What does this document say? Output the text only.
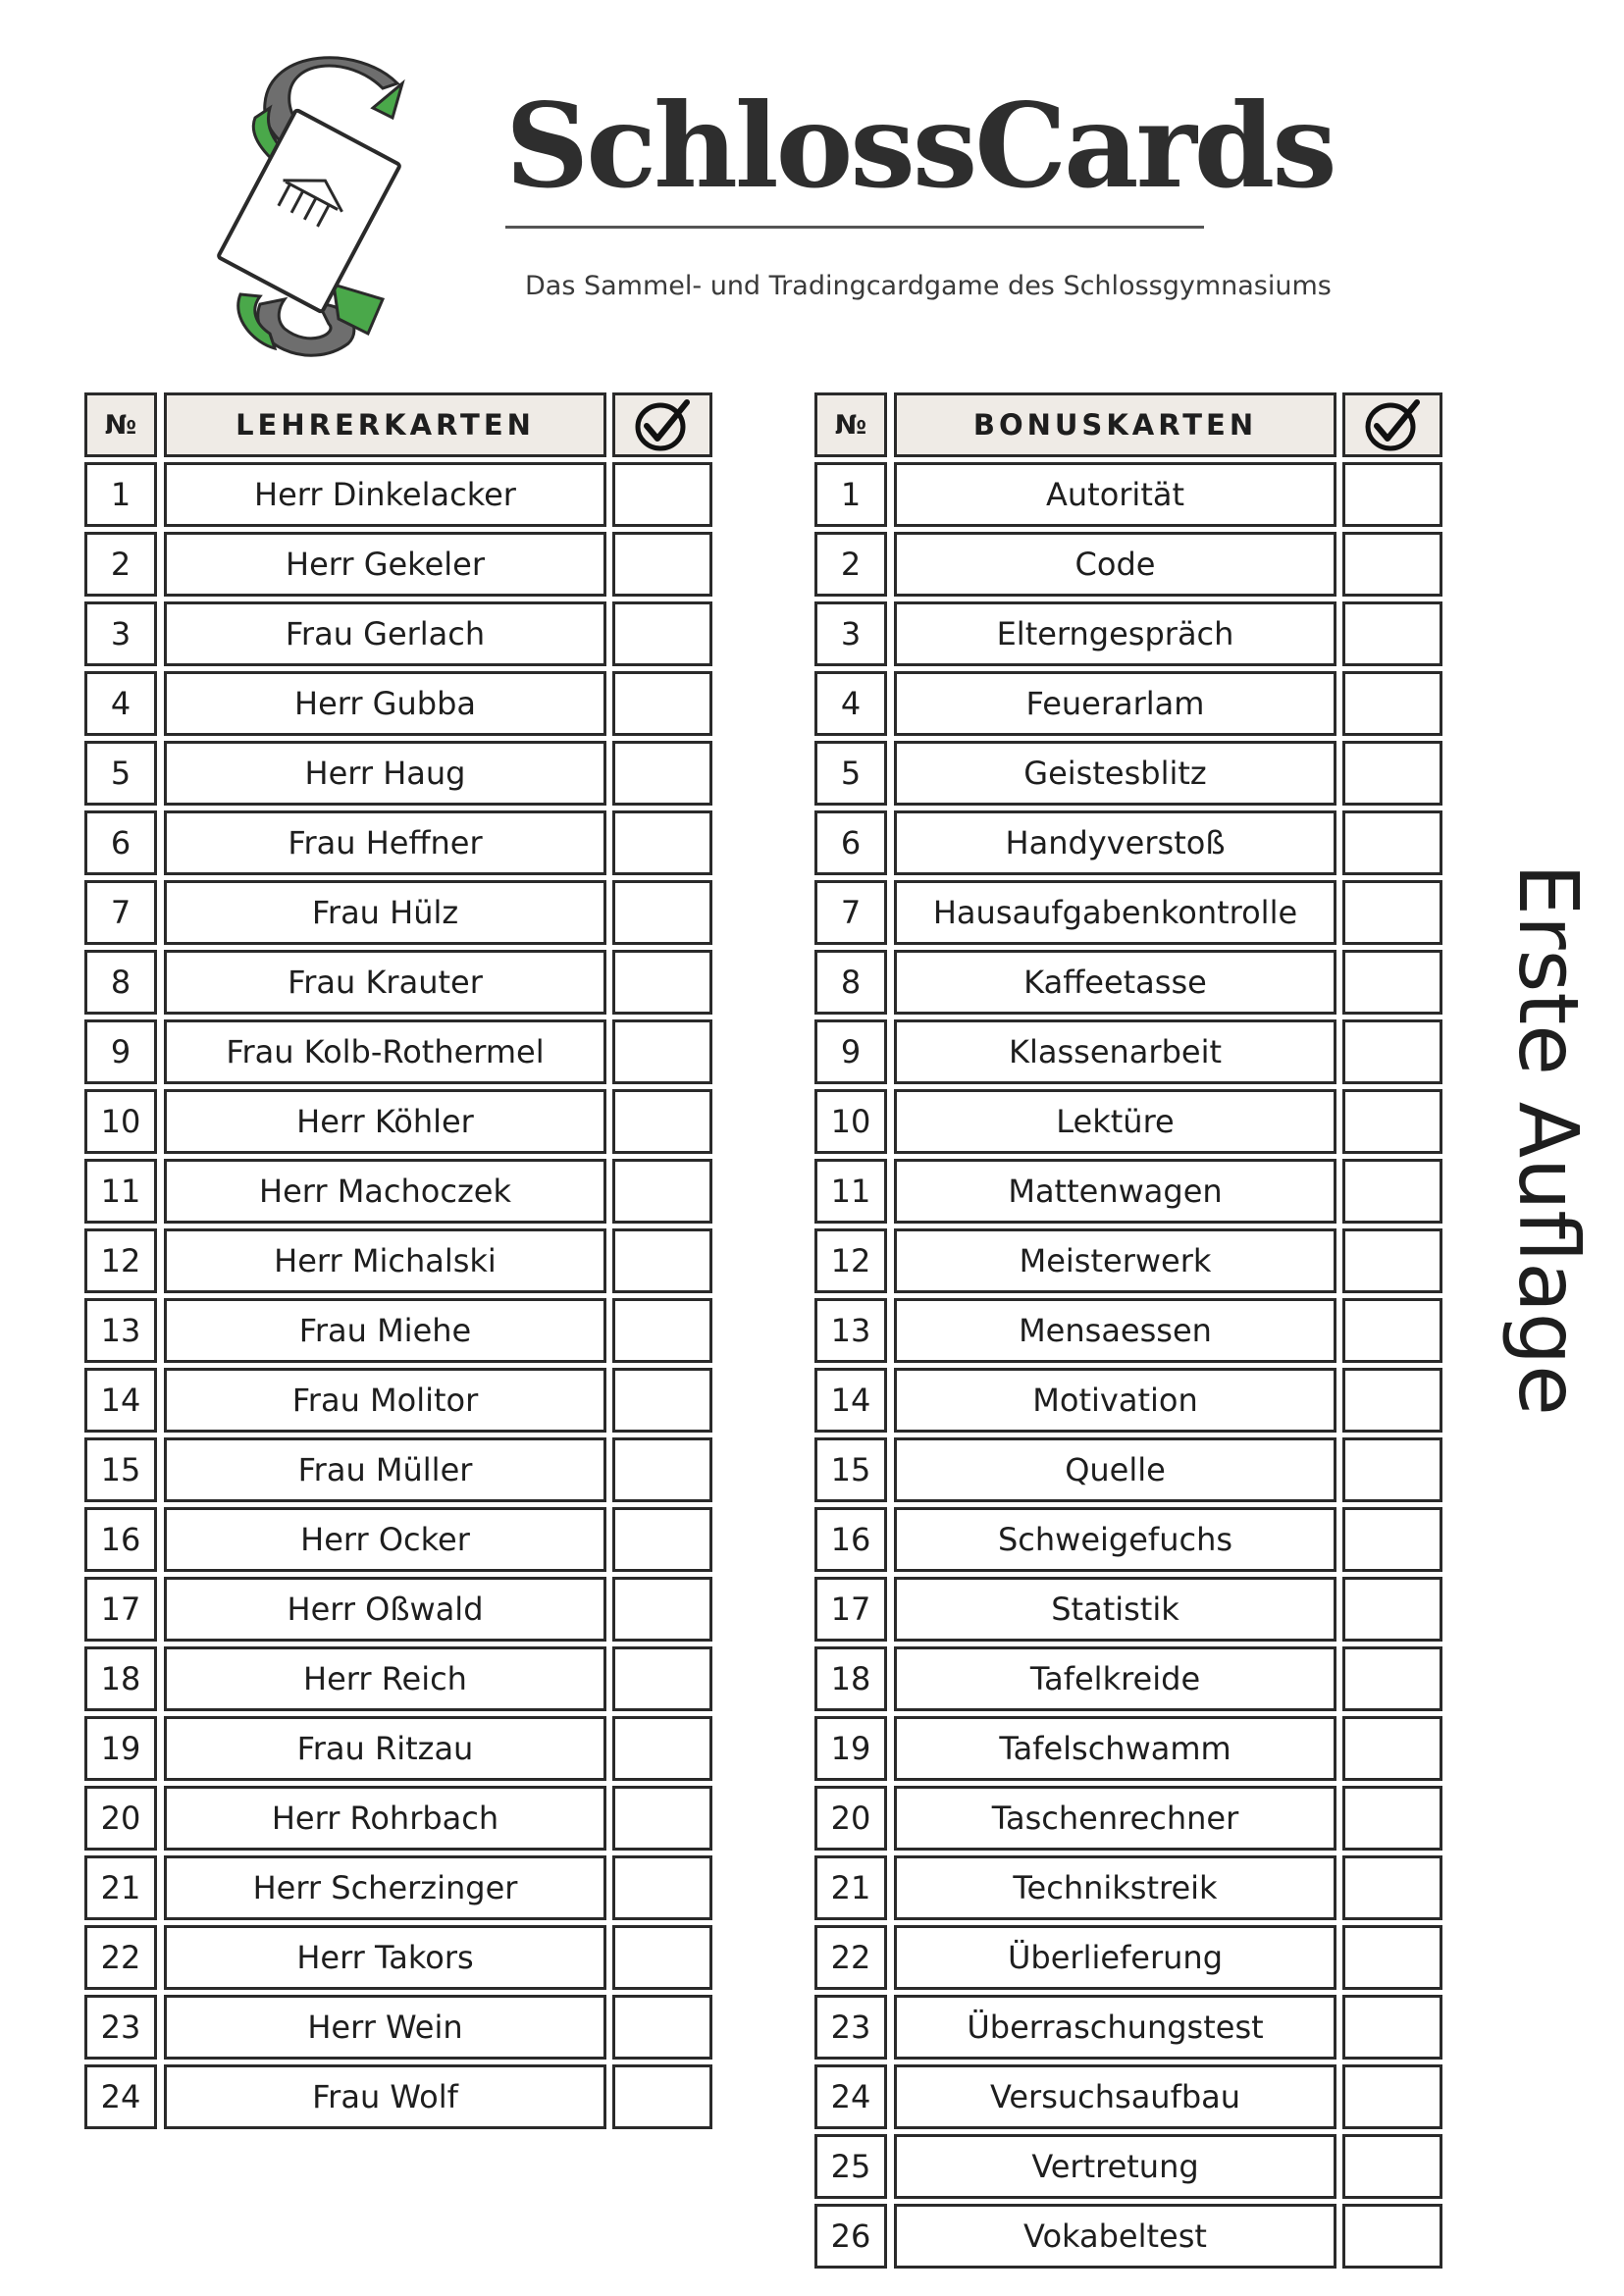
SchlossCards
Das Sammel- und Tradingcardgame des Schlossgymnasiums
Erste Auflage
№	LEHRERKARTEN
1	Herr Dinkelacker
2	Herr Gekeler
3	Frau Gerlach
4	Herr Gubba
5	Herr Haug
6	Frau Heffner
7	Frau Hülz
8	Frau Krauter
9	Frau Kolb-Rothermel
10	Herr Köhler
11	Herr Machoczek
12	Herr Michalski
13	Frau Miehe
14	Frau Molitor
15	Frau Müller
16	Herr Ocker
17	Herr Oßwald
18	Herr Reich
19	Frau Ritzau
20	Herr Rohrbach
21	Herr Scherzinger
22	Herr Takors
23	Herr Wein
24	Frau Wolf
№	BONUSKARTEN
1	Autorität
2	Code
3	Elterngespräch
4	Feuerarlam
5	Geistesblitz
6	Handyverstoß
7	Hausaufgabenkontrolle
8	Kaffeetasse
9	Klassenarbeit
10	Lektüre
11	Mattenwagen
12	Meisterwerk
13	Mensaessen
14	Motivation
15	Quelle
16	Schweigefuchs
17	Statistik
18	Tafelkreide
19	Tafelschwamm
20	Taschenrechner
21	Technikstreik
22	Überlieferung
23	Überraschungstest
24	Versuchsaufbau
25	Vertretung
26	Vokabeltest
